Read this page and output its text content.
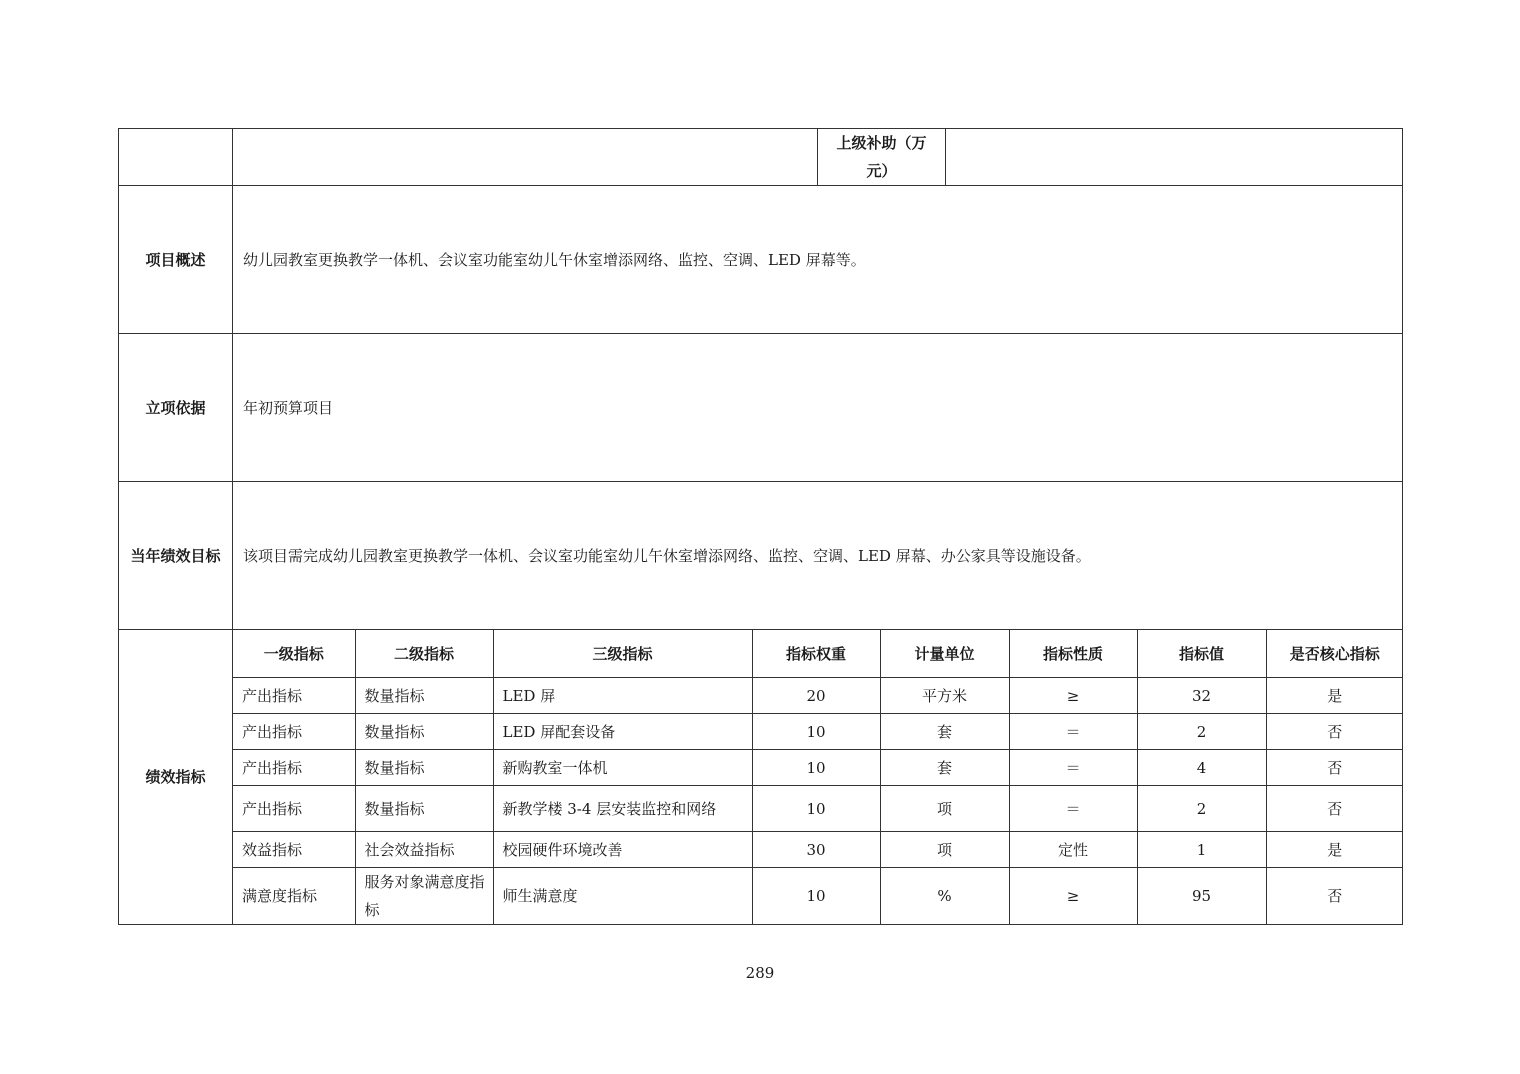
上级补助（万元）

项目概述	幼儿园教室更换教学一体机、会议室功能室幼儿午休室增添网络、监控、空调、LED 屏幕等。
立项依据	年初预算项目
当年绩效目标	该项目需完成幼儿园教室更换教学一体机、会议室功能室幼儿午休室增添网络、监控、空调、LED 屏幕、办公家具等设施设备。
绩效指标	
一级指标	二级指标	三级指标	指标权重	计量单位	指标性质	指标值	是否核心指标
产出指标	数量指标	LED 屏	20	平方米	≥	32	是
产出指标	数量指标	LED 屏配套设备	10	套	＝	2	否
产出指标	数量指标	新购教室一体机	10	套	＝	4	否
产出指标	数量指标	新教学楼 3-4 层安装监控和网络	10	项	＝	2	否
效益指标	社会效益指标	校园硬件环境改善	30	项	定性	1	是
满意度指标	服务对象满意度指标	师生满意度	10	%	≥	95	否
289
